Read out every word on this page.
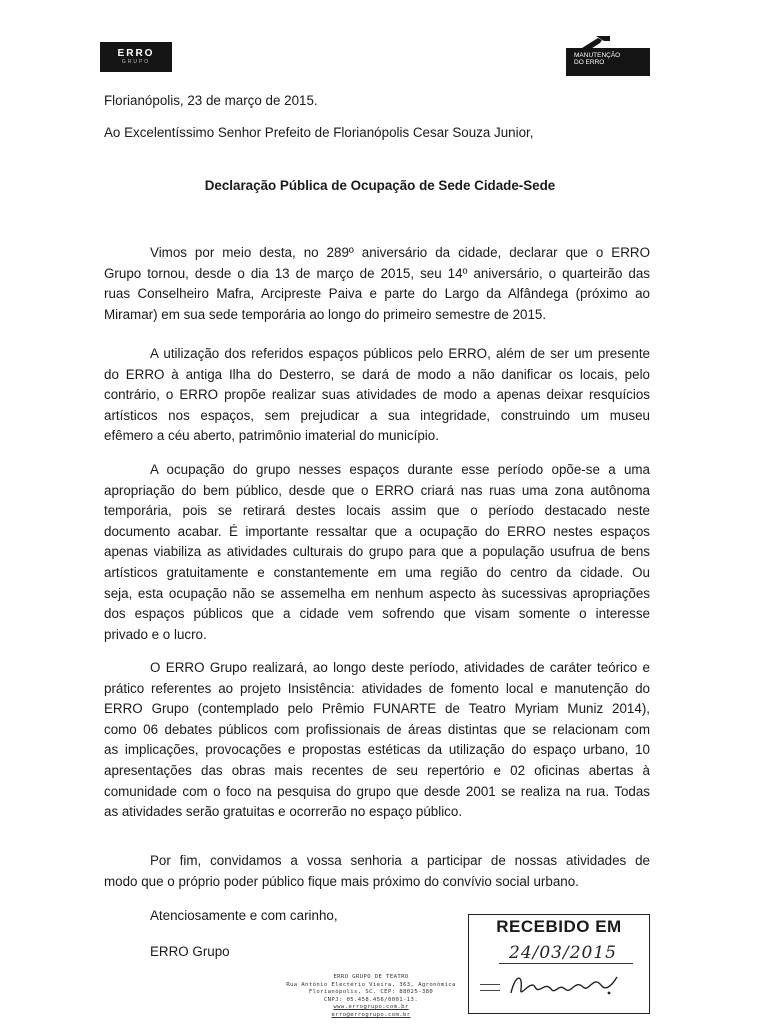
ERRO
GRUPO
MANUTENÇÃO
DO ERRO
Florianópolis, 23 de março de 2015.
Ao Excelentíssimo Senhor Prefeito de Florianópolis Cesar Souza Junior,
Declaração Pública de Ocupação de Sede Cidade-Sede

Vimos por meio desta, no 289º aniversário da cidade, declarar que o ERRO Grupo tornou, desde o dia 13 de março de 2015, seu 14º aniversário, o quarteirão das ruas Conselheiro Mafra, Arcipreste Paiva e parte do Largo da Alfândega (próximo ao Miramar) em sua sede temporária ao longo do primeiro semestre de 2015.

A utilização dos referidos espaços públicos pelo ERRO, além de ser um presente do ERRO à antiga Ilha do Desterro, se dará de modo a não danificar os locais, pelo contrário, o ERRO propõe realizar suas atividades de modo a apenas deixar resquícios artísticos nos espaços, sem prejudicar a sua integridade, construindo um museu efêmero a céu aberto, patrimônio imaterial do município.

A ocupação do grupo nesses espaços durante esse período opõe-se a uma apropriação do bem público, desde que o ERRO criará nas ruas uma zona autônoma temporária, pois se retirará destes locais assim que o período destacado neste documento acabar. É importante ressaltar que a ocupação do ERRO nestes espaços apenas viabiliza as atividades culturais do grupo para que a população usufrua de bens artísticos gratuitamente e constantemente em uma região do centro da cidade. Ou seja, esta ocupação não se assemelha em nenhum aspecto às sucessivas apropriações dos espaços públicos que a cidade vem sofrendo que visam somente o interesse privado e o lucro.

O ERRO Grupo realizará, ao longo deste período, atividades de caráter teórico e prático referentes ao projeto Insistência: atividades de fomento local e manutenção do ERRO Grupo (contemplado pelo Prêmio FUNARTE de Teatro Myriam Muniz 2014), como 06 debates públicos com profissionais de áreas distintas que se relacionam com as implicações, provocações e propostas estéticas da utilização do espaço urbano, 10 apresentações das obras mais recentes de seu repertório e 02 oficinas abertas à comunidade com o foco na pesquisa do grupo que desde 2001 se realiza na rua. Todas as atividades serão gratuitas e ocorrerão no espaço público.

Por fim, convidamos a vossa senhoria a participar de nossas atividades de modo que o próprio poder público fique mais próximo do convívio social urbano.

Atenciosamente e com carinho,
ERRO Grupo
ERRO GRUPO DE TEATRO
Rua Antônio Electério Vieira, 363, Agronômica
Florianópolis, SC. CEP: 88025-380
CNPJ: 05.458.456/0001-13.
www.errogrupo.com.br
erro@errogrupo.com.br
RECEBIDO EM
24/03/2015
